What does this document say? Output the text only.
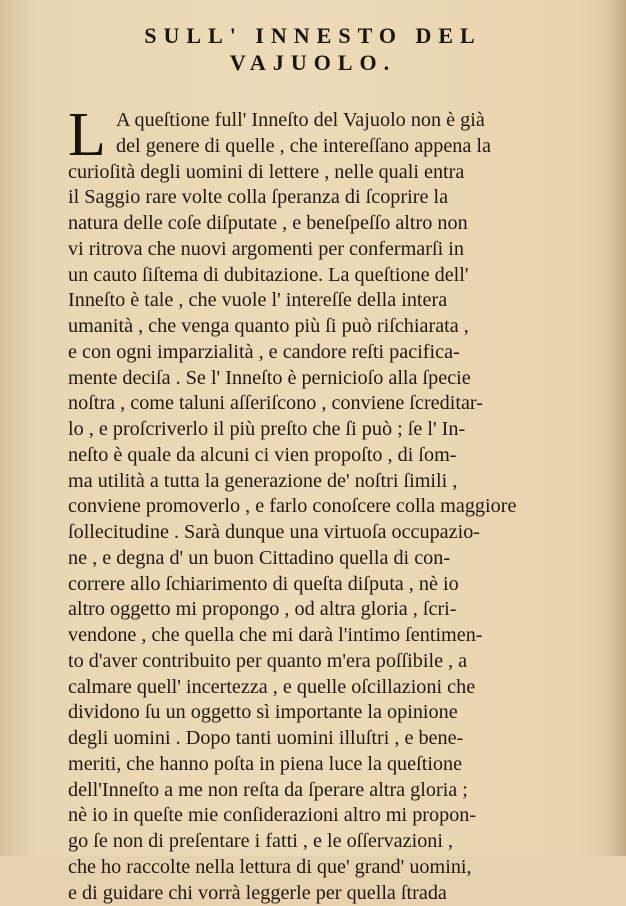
SULL' INNESTO DEL
VAJUOLO.
L A queſtione full' Inneſto del Vajuolo non è già
del genere di quelle , che intereſſano appena la
curioſità degli uomini di lettere , nelle quali entra
il Saggio rare volte colla ſperanza di ſcoprire la
natura delle coſe diſputate , e beneſpeſſo altro non
vi ritrova che nuovi argomenti per confermarſi in
un cauto ſiſtema di dubitazione. La queſtione dell'
Inneſto è tale , che vuole l' intereſſe della intera
umanità , che venga quanto più ſi può riſchiarata ,
e con ogni imparzialità , e candore reſti pacifica-
mente deciſa . Se l' Inneſto è pernicioſo alla ſpecie
noſtra , come taluni aſſeriſcono , conviene ſcreditar-
lo , e proſcriverlo il più preſto che ſi può ; ſe l' In-
neſto è quale da alcuni ci vien propoſto , di ſom-
ma utilità a tutta la generazione de' noſtri ſimili ,
conviene promoverlo , e farlo conoſcere colla maggiore
ſollecitudine . Sarà dunque una virtuoſa occupazio-
ne , e degna d' un buon Cittadino quella di con-
correre allo ſchiarimento di queſta diſputa , nè io
altro oggetto mi propongo , od altra gloria , ſcri-
vendone , che quella che mi darà l'intimo ſentimen-
to d'aver contribuito per quanto m'era poſſibile , a
calmare quell' incertezza , e quelle oſcillazioni che
dividono ſu un oggetto sì importante la opinione
degli uomini . Dopo tanti uomini illuſtri , e bene-
meriti, che hanno poſta in piena luce la queſtione
dell'Inneſto a me non reſta da ſperare altra gloria ;
nè io in queſte mie conſiderazioni altro mi propon-
go ſe non di preſentare i fatti , e le oſſervazioni ,
che ho raccolte nella lettura di que' grand' uomini,
e di guidare chi vorrà leggerle per quella ſtrada
